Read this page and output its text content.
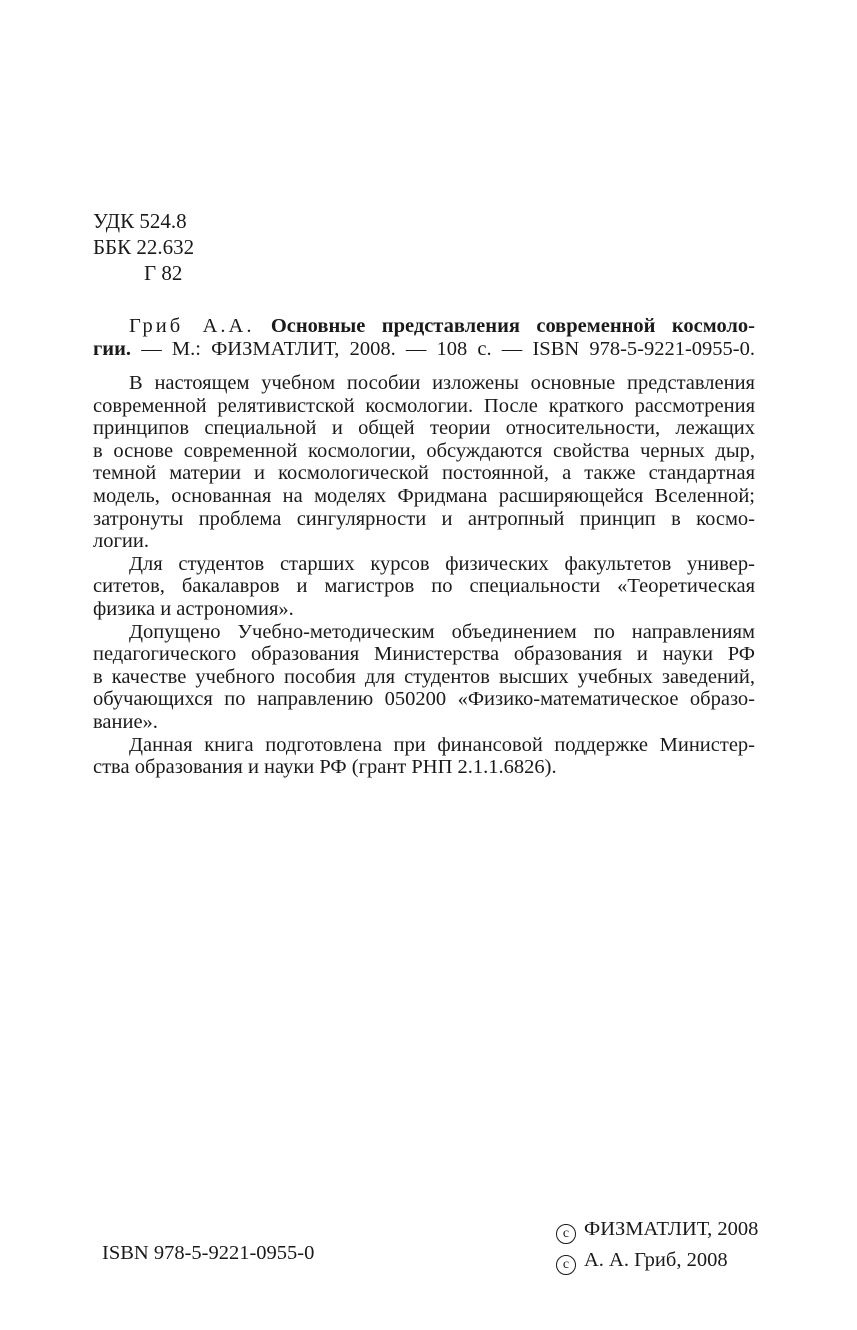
УДК 524.8
ББК 22.632
Г 82
Гриб А.А. Основные представления современной космоло-
гии. — М.: ФИЗМАТЛИТ, 2008. — 108 с. — ISBN 978-5-9221-0955-0.
В настоящем учебном пособии изложены основные представления
современной релятивистской космологии. После краткого рассмотрения
принципов специальной и общей теории относительности, лежащих
в основе современной космологии, обсуждаются свойства черных дыр,
темной материи и космологической постоянной, а также стандартная
модель, основанная на моделях Фридмана расширяющейся Вселенной;
затронуты проблема сингулярности и антропный принцип в космо-
логии.
Для студентов старших курсов физических факультетов универ-
ситетов, бакалавров и магистров по специальности «Теоретическая
физика и астрономия».
Допущено Учебно-методическим объединением по направлениям
педагогического образования Министерства образования и науки РФ
в качестве учебного пособия для студентов высших учебных заведений,
обучающихся по направлению 050200 «Физико-математическое образо-
вание».
Данная книга подготовлена при финансовой поддержке Министер-
ства образования и науки РФ (грант РНП 2.1.1.6826).
ISBN 978-5-9221-0955-0
c ФИЗМАТЛИТ, 2008
c А. А. Гриб, 2008
